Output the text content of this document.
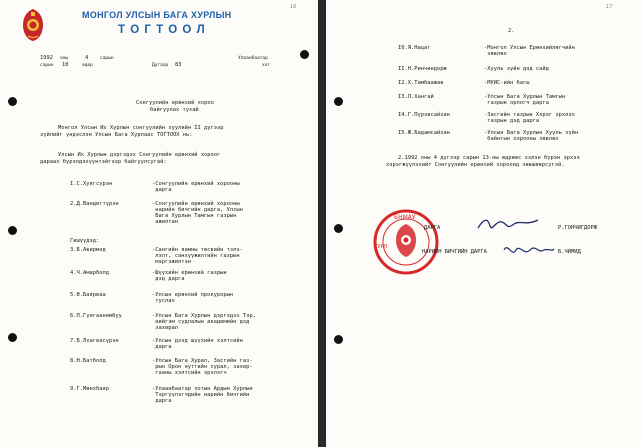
16
МОНГОЛ УЛСЫН БАГА ХУРЛЫН
Т О Г Т О О Л
1992 оны	4	сарын
сарын 10	өдөр	Дугаар 83
Улаанбаатар
хот
Сонгуулийн ерөнхий хороо
байгуулах тухай
Монгол Улсын Их Хурлын сонгуулийн хуулийн II дугээр
зүйлийг үндэслэн Улсын Бага Хурлаас ТОГТООХ нь:
Улсын Их Хурлын дэргэдэх Сонгуулийн ерөнхий хороог
дараах бүрэлдэхүүнтэйгээр байгуулсугай:
I.С.Хуягсүрэн	-Сонгуулийн ерөнхий хорооны
дарга
2.Д.Вандигтүрэн	-Сонгуулийн ерөнхий хорооны
нарийн бичгийн дарга, Улсын
Бага Хурлын Тамгын газрын
ажилтан
Гишүүдэд:
3.Б.Авирмэд	-Сангийн яамны төсвийн тэлэ-
лэлт, санхүүжилтийн газрын
мэргэжилтэн
4.Ч.Амарболд	-Шүүхийн ерөнхий газрын
дэд дарга
5.Ө.Баярваа	-Улсын ерөнхий прокурорын
туслах
6.П.Гүнгаанямбуу	-Улсын Бага Хурлын дэргэдэх Тэр,
нийгэм судлалын академийн дэд
захирал
7.Б.Лхагвасүрэн	-Улсын дээд шүүхийн хэлтсийн
дарга
8.Н.Батболд	-Улсын Бага Хурал, Засгийн газ-
рын Орон нутгийн хурал, захир-
гааны хэлтсийн эрхлэгч
9.Г.Мөнхбаяр	-Улаанбаатар хотын Ардын Хурлын
Тэргүүлэгчдийн нарийн бичгийн
дарга
17
2.
I0.Я.Нацаг	-Монгол Улсын Ерөнхийлөгчийн
зөвлөх
II.Н.Ринчиндорж	-Хууль зүйн дэд сайд
I2.Х.Тамбаажав	-МУИС-ийн багш
I3.Л.Хангай	-Улсын Бага Хурлын Тамгын
газрын орлогч дарга
I4.Г.Пүрэвсайхан	-Засгийн газрын Хэрэг эрхлэх
газрын дэд дарга
I5.Ж.Бадамсайхан	-Улсын Бага Хурлын Хууль зүйн
байнгын хорооны зөвлөх
2.1992 оны 4 дүгээр сарын 13-ны өдрөөс хэлэн бүрэн эрхээ
хэрэгжүүлэхийг Сонгуулийн ерөнхий хороонд зөвшөөрсүгэй.
БНМАУ
ХУРЛ
ДАРГА	Р.ГОНЧИГДОРЖ
НАРИЙН БИЧГИЙН ДАРГА	Б.ЧИМИД
